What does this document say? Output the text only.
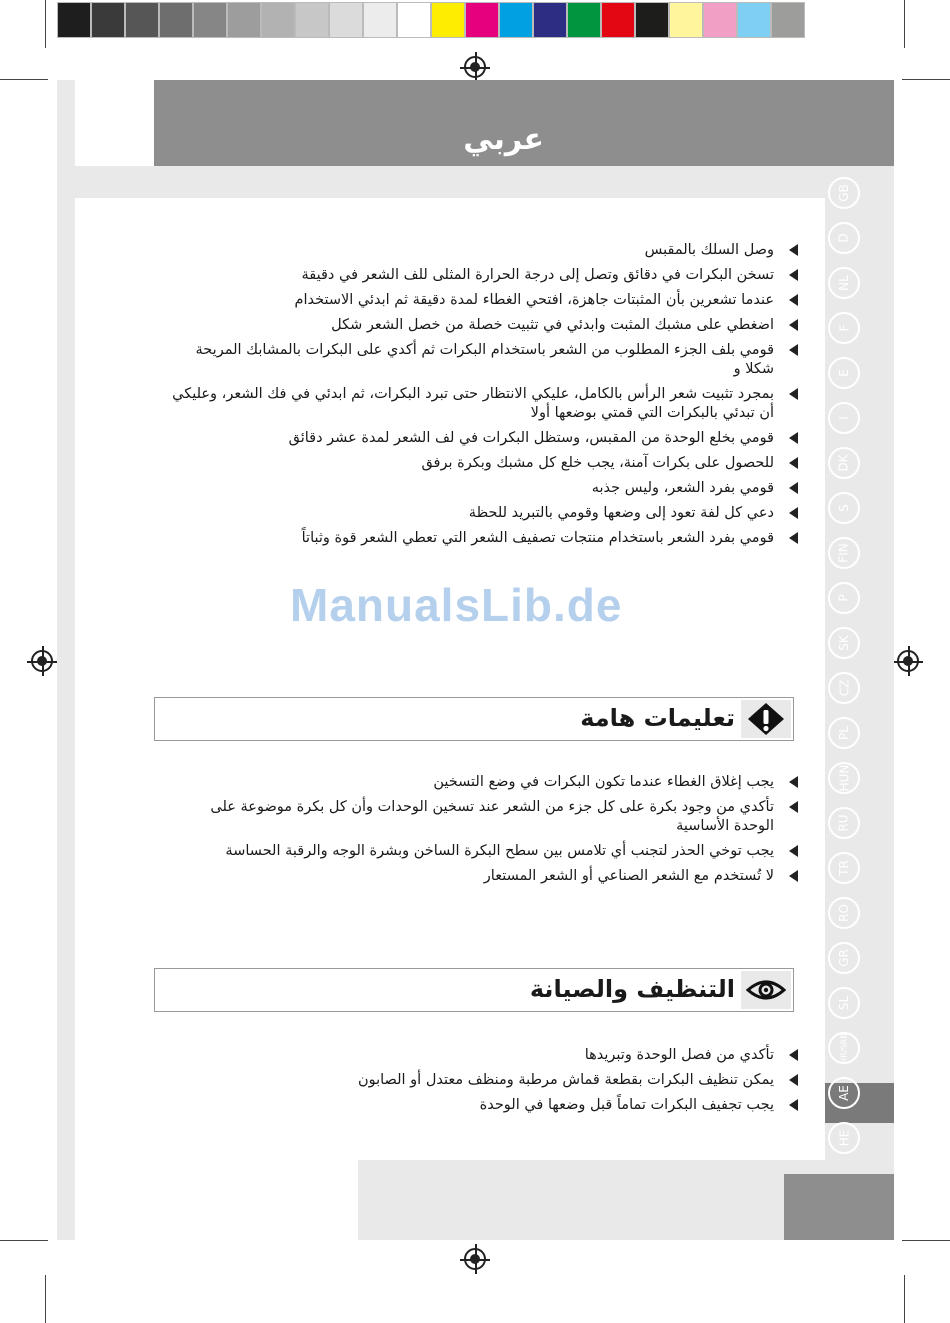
عربي
GB
D
NL
F
E
I
DK
S
FIN
P
SK
CZ
PL
HUN
RU
TR
RO
GR
SL
HR/SRB
AE
HE
وصل السلك بالمقبس
تسخن البكرات في دقائق وتصل إلى درجة الحرارة المثلى للف الشعر في دقيقة
عندما تشعرين بأن المثبتات جاهزة، افتحي الغطاء لمدة دقيقة ثم ابدئي الاستخدام
اضغطي على مشبك المثبت وابدئي في تثبيت خصلة من خصل الشعر شكل
قومي بلف الجزء المطلوب من الشعر باستخدام البكرات ثم أكدي على البكرات بالمشابك المريحة شكلا و
بمجرد تثبيت شعر الرأس بالكامل، عليكي الانتظار حتى تبرد البكرات، ثم ابدئي في فك الشعر، وعليكي أن تبدئي بالبكرات التي قمتي بوضعها أولا
قومي بخلع الوحدة من المقبس، وستظل البكرات في لف الشعر لمدة عشر دقائق
للحصول على بكرات آمنة، يجب خلع كل مشبك وبكرة برفق
قومي بفرد الشعر، وليس جذبه
دعي كل لفة تعود إلى وضعها وقومي بالتبريد للحظة
قومي بفرد الشعر باستخدام منتجات تصفيف الشعر التي تعطي الشعر قوة وثباتاً
ManualsLib.de
تعليمات هامة
يجب إغلاق الغطاء عندما تكون البكرات في وضع التسخين
تأكدي من وجود بكرة على كل جزء من الشعر عند تسخين الوحدات وأن كل بكرة موضوعة على الوحدة الأساسية
يجب توخي الحذر لتجنب أي تلامس بين سطح البكرة الساخن وبشرة الوجه والرقبة الحساسة
لا تُستخدم مع الشعر الصناعي أو الشعر المستعار
التنظيف والصيانة
تأكدي من فصل الوحدة وتبريدها
يمكن تنظيف البكرات بقطعة قماش مرطبة ومنظف معتدل أو الصابون
يجب تجفيف البكرات تماماً قبل وضعها في الوحدة
